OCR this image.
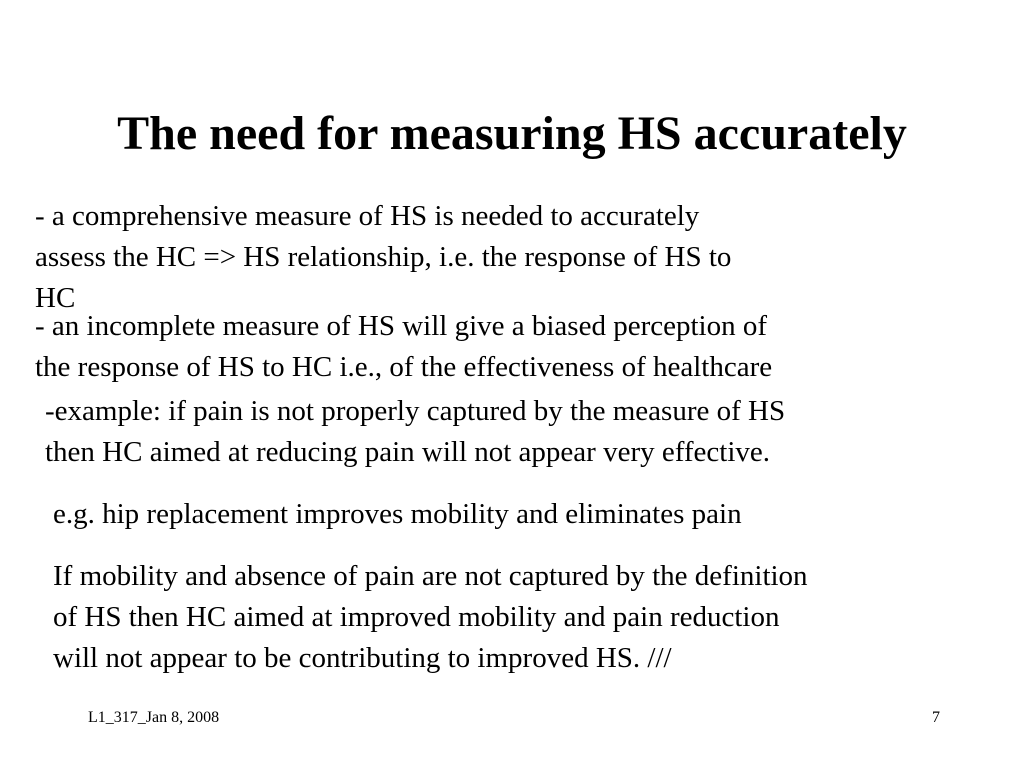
The need for measuring HS accurately

- a comprehensive measure of HS is needed to accurately
assess the HC => HS relationship, i.e. the response of HS to
HC

- an incomplete measure of HS will give a biased perception of
the response of HS to HC i.e., of the effectiveness of healthcare

-example: if pain is not properly captured by the measure of HS
then HC aimed at reducing pain will not appear very effective.

e.g. hip replacement improves mobility and eliminates pain

If mobility and absence of pain are not captured by the definition
of HS then HC aimed at improved mobility and pain reduction
will not appear to be contributing to improved HS. ///

L1_317_Jan 8, 2008	7
